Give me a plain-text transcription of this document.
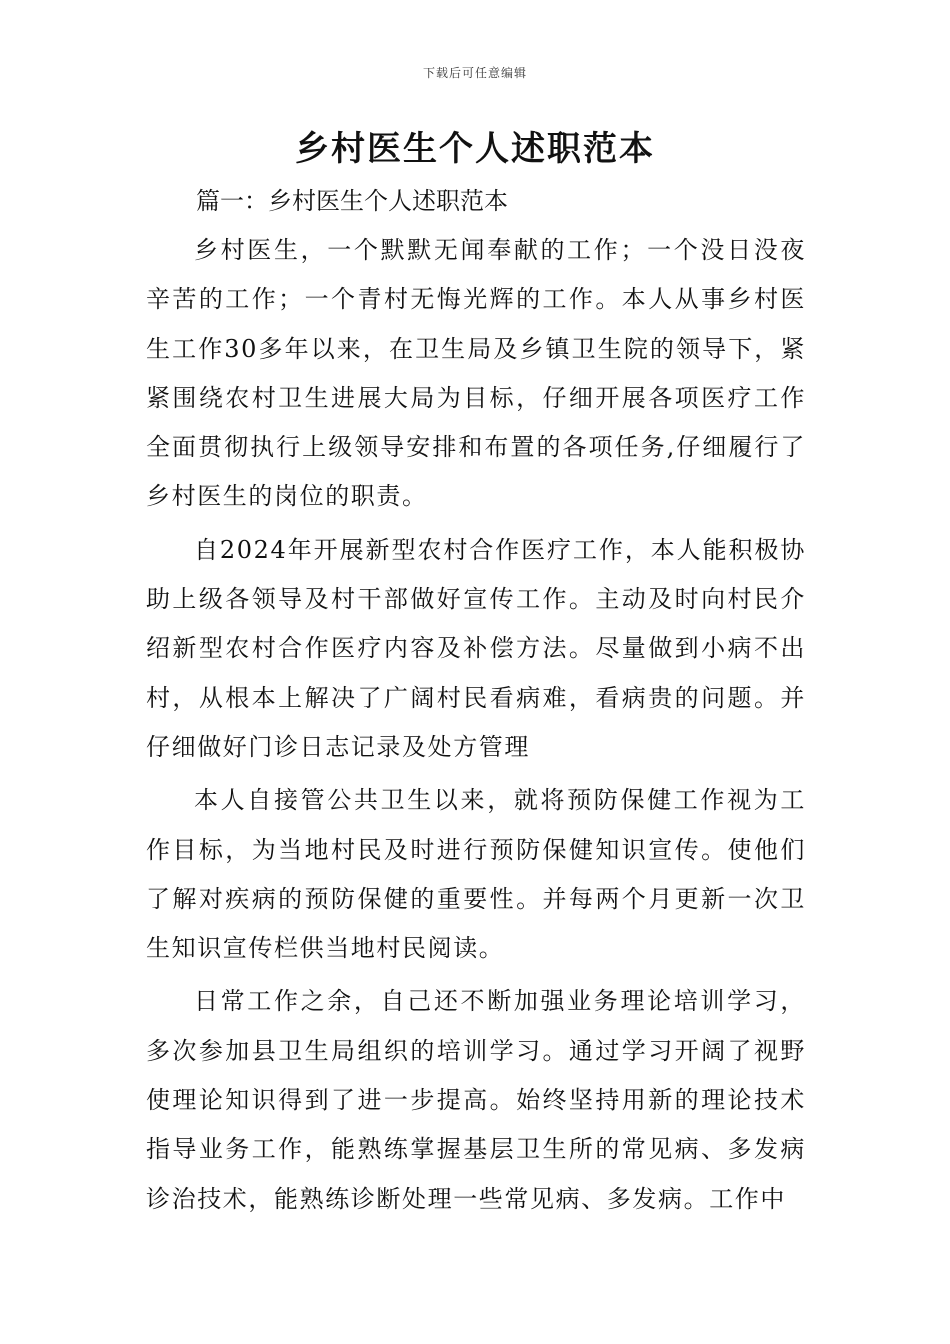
下载后可任意编辑
乡村医生个人述职范本

篇一：乡村医生个人述职范本

乡村医生，一个默默无闻奉献的工作；一个没日没夜辛苦的工作；一个青村无悔光辉的工作。本人从事乡村医生工作30多年以来，在卫生局及乡镇卫生院的领导下，紧紧围绕农村卫生进展大局为目标，仔细开展各项医疗工作全面贯彻执行上级领导安排和布置的各项任务,仔细履行了乡村医生的岗位的职责。

自2024年开展新型农村合作医疗工作，本人能积极协助上级各领导及村干部做好宣传工作。主动及时向村民介绍新型农村合作医疗内容及补偿方法。尽量做到小病不出村，从根本上解决了广阔村民看病难，看病贵的问题。并仔细做好门诊日志记录及处方管理

本人自接管公共卫生以来，就将预防保健工作视为工作目标，为当地村民及时进行预防保健知识宣传。使他们了解对疾病的预防保健的重要性。并每两个月更新一次卫生知识宣传栏供当地村民阅读。

日常工作之余，自己还不断加强业务理论培训学习，多次参加县卫生局组织的培训学习。通过学习开阔了视野使理论知识得到了进一步提高。始终坚持用新的理论技术指导业务工作，能熟练掌握基层卫生所的常见病、多发病诊治技术，能熟练诊断处理一些常见病、多发病。工作中
